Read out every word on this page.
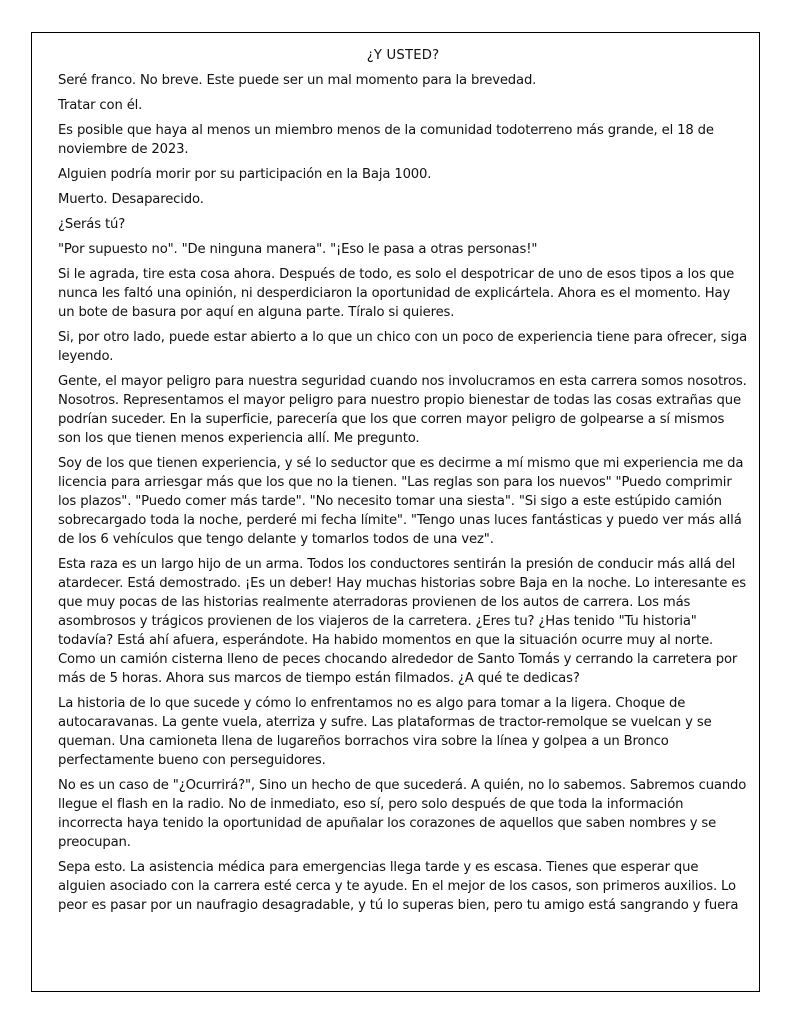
¿Y USTED?

Seré franco. No breve. Este puede ser un mal momento para la brevedad.

Tratar con él.

Es posible que haya al menos un miembro menos de la comunidad todoterreno más grande, el 18 de noviembre de 2023.

Alguien podría morir por su participación en la Baja 1000.

Muerto. Desaparecido.

¿Serás tú?

"Por supuesto no". "De ninguna manera". "¡Eso le pasa a otras personas!"

Si le agrada, tire esta cosa ahora. Después de todo, es solo el despotricar de uno de esos tipos a los que nunca les faltó una opinión, ni desperdiciaron la oportunidad de explicártela. Ahora es el momento. Hay un bote de basura por aquí en alguna parte. Tíralo si quieres.

Si, por otro lado, puede estar abierto a lo que un chico con un poco de experiencia tiene para ofrecer, siga leyendo.

Gente, el mayor peligro para nuestra seguridad cuando nos involucramos en esta carrera somos nosotros. Nosotros. Representamos el mayor peligro para nuestro propio bienestar de todas las cosas extrañas que podrían suceder. En la superficie, parecería que los que corren mayor peligro de golpearse a sí mismos son los que tienen menos experiencia allí. Me pregunto.

Soy de los que tienen experiencia, y sé lo seductor que es decirme a mí mismo que mi experiencia me da licencia para arriesgar más que los que no la tienen. "Las reglas son para los nuevos" "Puedo comprimir los plazos". "Puedo comer más tarde". "No necesito tomar una siesta". "Si sigo a este estúpido camión sobrecargado toda la noche, perderé mi fecha límite". "Tengo unas luces fantásticas y puedo ver más allá de los 6 vehículos que tengo delante y tomarlos todos de una vez".

Esta raza es un largo hijo de un arma. Todos los conductores sentirán la presión de conducir más allá del atardecer. Está demostrado. ¡Es un deber! Hay muchas historias sobre Baja en la noche. Lo interesante es que muy pocas de las historias realmente aterradoras provienen de los autos de carrera. Los más asombrosos y trágicos provienen de los viajeros de la carretera. ¿Eres tu? ¿Has tenido "Tu historia" todavía? Está ahí afuera, esperándote. Ha habido momentos en que la situación ocurre muy al norte. Como un camión cisterna lleno de peces chocando alrededor de Santo Tomás y cerrando la carretera por más de 5 horas. Ahora sus marcos de tiempo están filmados. ¿A qué te dedicas?

La historia de lo que sucede y cómo lo enfrentamos no es algo para tomar a la ligera. Choque de autocaravanas. La gente vuela, aterriza y sufre. Las plataformas de tractor-remolque se vuelcan y se queman. Una camioneta llena de lugareños borrachos vira sobre la línea y golpea a un Bronco perfectamente bueno con perseguidores.

No es un caso de "¿Ocurrirá?", Sino un hecho de que sucederá. A quién, no lo sabemos. Sabremos cuando llegue el flash en la radio. No de inmediato, eso sí, pero solo después de que toda la información incorrecta haya tenido la oportunidad de apuñalar los corazones de aquellos que saben nombres y se preocupan.

Sepa esto. La asistencia médica para emergencias llega tarde y es escasa. Tienes que esperar que alguien asociado con la carrera esté cerca y te ayude. En el mejor de los casos, son primeros auxilios. Lo peor es pasar por un naufragio desagradable, y tú lo superas bien, pero tu amigo está sangrando y fuera
